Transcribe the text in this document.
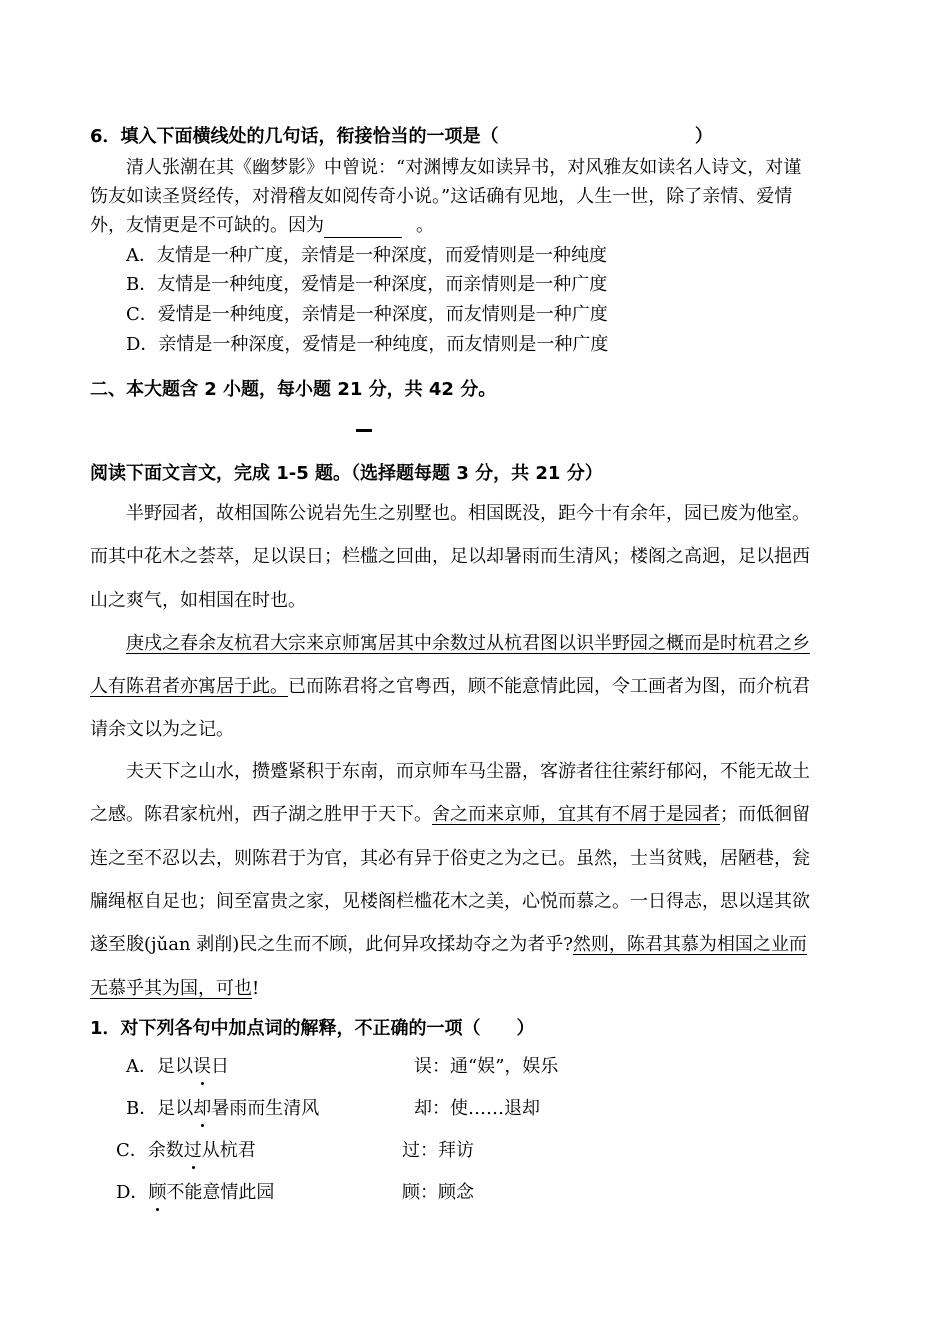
6．填入下面横线处的几句话，衔接恰当的一项是（	）
清人张潮在其《幽梦影》中曾说：“对渊博友如读异书，对风雅友如读名人诗文，对谨
饬友如读圣贤经传，对滑稽友如阅传奇小说。”这话确有见地，人生一世，除了亲情、爱情
外，友情更是不可缺的。因为	。
A．友情是一种广度，亲情是一种深度，而爱情则是一种纯度
B．友情是一种纯度，爱情是一种深度，而亲情则是一种广度
C．爱情是一种纯度，亲情是一种深度，而友情则是一种广度
D．亲情是一种深度，爱情是一种纯度，而友情则是一种广度
二、本大题含 2 小题，每小题 21 分，共 42 分。
阅读下面文言文，完成 1-5 题。（选择题每题 3 分，共 21 分）
半野园者，故相国陈公说岩先生之别墅也。相国既没，距今十有余年，园已废为他室。
而其中花木之荟萃，足以误日；栏槛之回曲，足以却暑雨而生清风；楼阁之高迥，足以挹西
山之爽气，如相国在时也。
庚戌之春余友杭君大宗来京师寓居其中余数过从杭君图以识半野园之概而是时杭君之乡
人有陈君者亦寓居于此。已而陈君将之官粤西，顾不能意情此园，令工画者为图，而介杭君
请余文以为之记。
夫天下之山水，攒蹙紧积于东南，而京师车马尘嚣，客游者往往萦纡郁闷，不能无故土
之感。陈君家杭州，西子湖之胜甲于天下。舍之而来京师，宜其有不屑于是园者；而低徊留
连之至不忍以去，则陈君于为官，其必有异于俗吏之为之已。虽然，士当贫贱，居陋巷，瓮
牖绳枢自足也；间至富贵之家，见楼阁栏槛花木之美，心悦而慕之。一日得志，思以逞其欲
遂至朘(jǔan 剥削)民之生而不顾，此何异攻揉劫夺之为者乎?然则，陈君其慕为相国之业而
无慕乎其为国，可也!
1．对下列各句中加点词的解释，不正确的一项（　　）
A．足以误日	误：通“娱”，娱乐
B．足以却暑雨而生清风	却：使……退却
C．余数过从杭君	过：拜访
D．顾不能意情此园	顾：顾念
